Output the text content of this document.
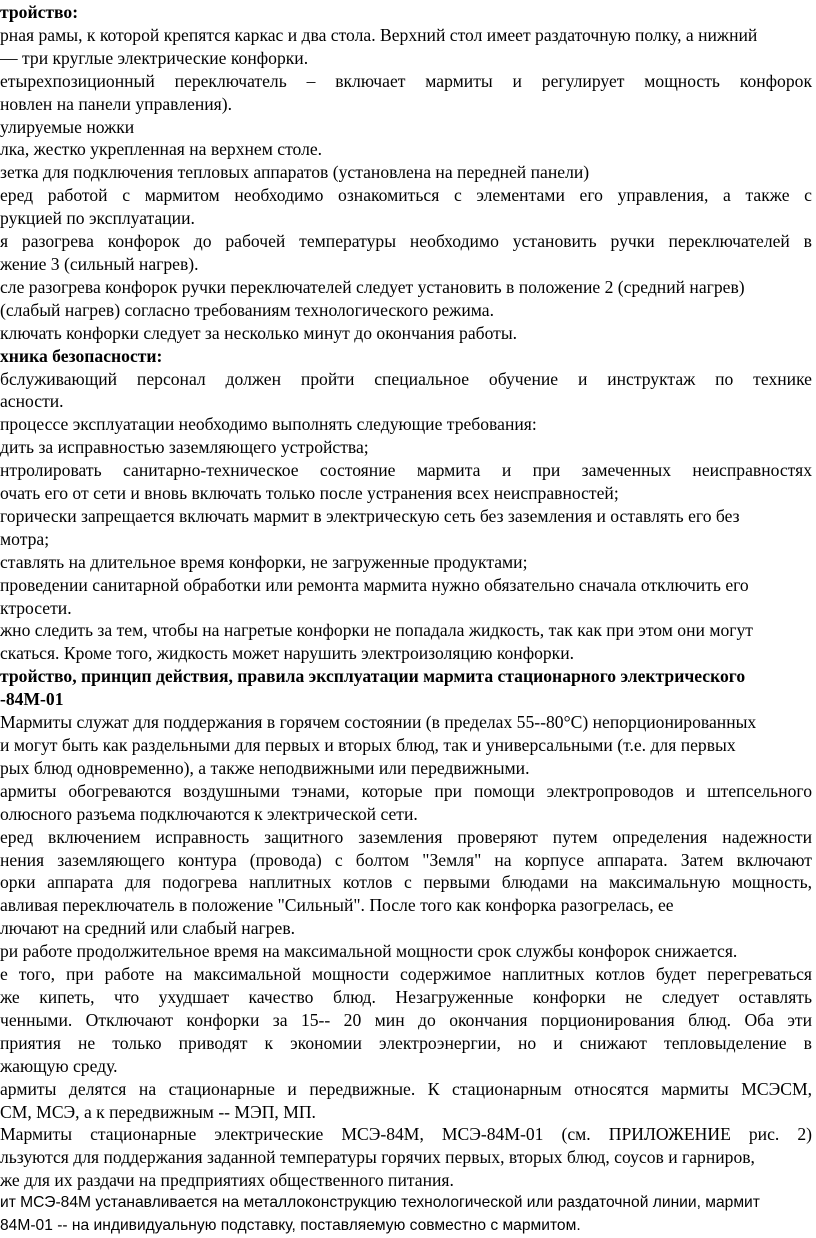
тройство:

рная рамы, к которой крепятся каркас и два стола. Верхний стол имеет раздаточную полку, а нижний

— три круглые электрические конфорки.

етырехпозиционный переключатель – включает мармиты и регулирует мощность конфорок

новлен на панели управления).

улируемые ножки

лка, жестко укрепленная на верхнем столе.

зетка для подключения тепловых аппаратов (установлена на передней панели)

еред работой с мармитом необходимо ознакомиться с элементами его управления, а также с

рукцией по эксплуатации.

я разогрева конфорок до рабочей температуры необходимо установить ручки переключателей в

жение 3 (сильный нагрев).

сле разогрева конфорок ручки переключателей следует установить в положение 2 (средний нагрев)

(слабый нагрев) согласно требованиям технологического режима.

ключать конфорки следует за несколько минут до окончания работы.

хника безопасности:

бслуживающий персонал должен пройти специальное обучение и инструктаж по технике

асности.

процессе эксплуатации необходимо выполнять следующие требования:

дить за исправностью заземляющего устройства;

нтролировать санитарно-техническое состояние мармита и при замеченных неисправностях

очать его от сети и вновь включать только после устранения всех неисправностей;

горически запрещается включать мармит в электрическую сеть без заземления и оставлять его без

мотра;

ставлять на длительное время конфорки, не загруженные продуктами;

проведении санитарной обработки или ремонта мармита нужно обязательно сначала отключить его

ктросети.

жно следить за тем, чтобы на нагретые конфорки не попадала жидкость, так как при этом они могут

скаться. Кроме того, жидкость может нарушить электроизоляцию конфорки.

тройство, принцип действия, правила эксплуатации мармита стационарного электрического

-84М-01

Мармиты служат для поддержания в горячем состоянии (в пределах 55--80°С) непорционированных

и могут быть как раздельными для первых и вторых блюд, так и универсальными (т.е. для первых

рых блюд одновременно), а также неподвижными или передвижными.

армиты обогреваются воздушными тэнами, которые при помощи электропроводов и штепсельного

олюсного разъема подключаются к электрической сети.

еред включением исправность защитного заземления проверяют путем определения надежности

нения заземляющего контура (провода) с болтом "Земля" на корпусе аппарата. Затем включают

орки аппарата для подогрева наплитных котлов с первыми блюдами на максимальную мощность,

авливая переключатель в положение "Сильный". После того как конфорка разогрелась, ее

лючают на средний или слабый нагрев.

ри работе продолжительное время на максимальной мощности срок службы конфорок снижается.

е того, при работе на максимальной мощности содержимое наплитных котлов будет перегреваться

же кипеть, что ухудшает качество блюд. Незагруженные конфорки не следует оставлять

ченными. Отключают конфорки за 15-- 20 мин до окончания порционирования блюд. Оба эти

приятия не только приводят к экономии электроэнергии, но и снижают тепловыделение в

жающую среду.

армиты делятся на стационарные и передвижные. К стационарным относятся мармиты МСЭСМ,

СМ, МСЭ, а к передвижным -- МЭП, МП.

Мармиты стационарные электрические МСЭ-84М, МСЭ-84М-01 (см. ПРИЛОЖЕНИЕ рис. 2)

льзуются для поддержания заданной температуры горячих первых, вторых блюд, соусов и гарниров,

же для их раздачи на предприятиях общественного питания.

ит МСЭ-84М устанавливается на металлоконструкцию технологической или раздаточной линии, мармит

84М-01 -- на индивидуальную подставку, поставляемую совместно с мармитом.
